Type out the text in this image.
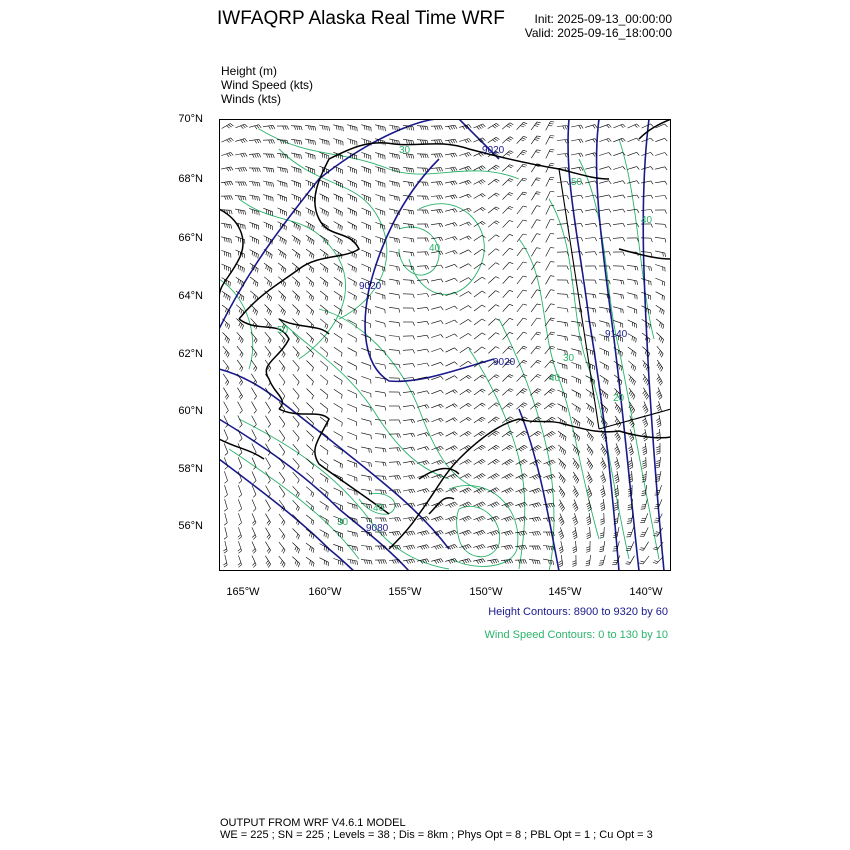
IWFAQRP Alaska Real Time WRF	Init: 2025-09-13_00:00:00
Valid: 2025-09-16_18:00:00
Height (m)
Wind Speed (kts)
Winds (kts)
70°N
68°N
66°N
64°N
62°N
60°N
58°N
56°N
165°W	160°W	155°W	150°W	145°W	140°W
9020
9020
9020
9140
9080
30
50
40
40
50
30
40
20
40
30
Height Contours: 8900 to 9320 by 60
Wind Speed Contours: 0 to 130 by 10
OUTPUT FROM WRF V4.6.1 MODEL
WE = 225 ; SN = 225 ; Levels = 38 ; Dis = 8km ; Phys Opt = 8 ; PBL Opt = 1 ; Cu Opt = 3
